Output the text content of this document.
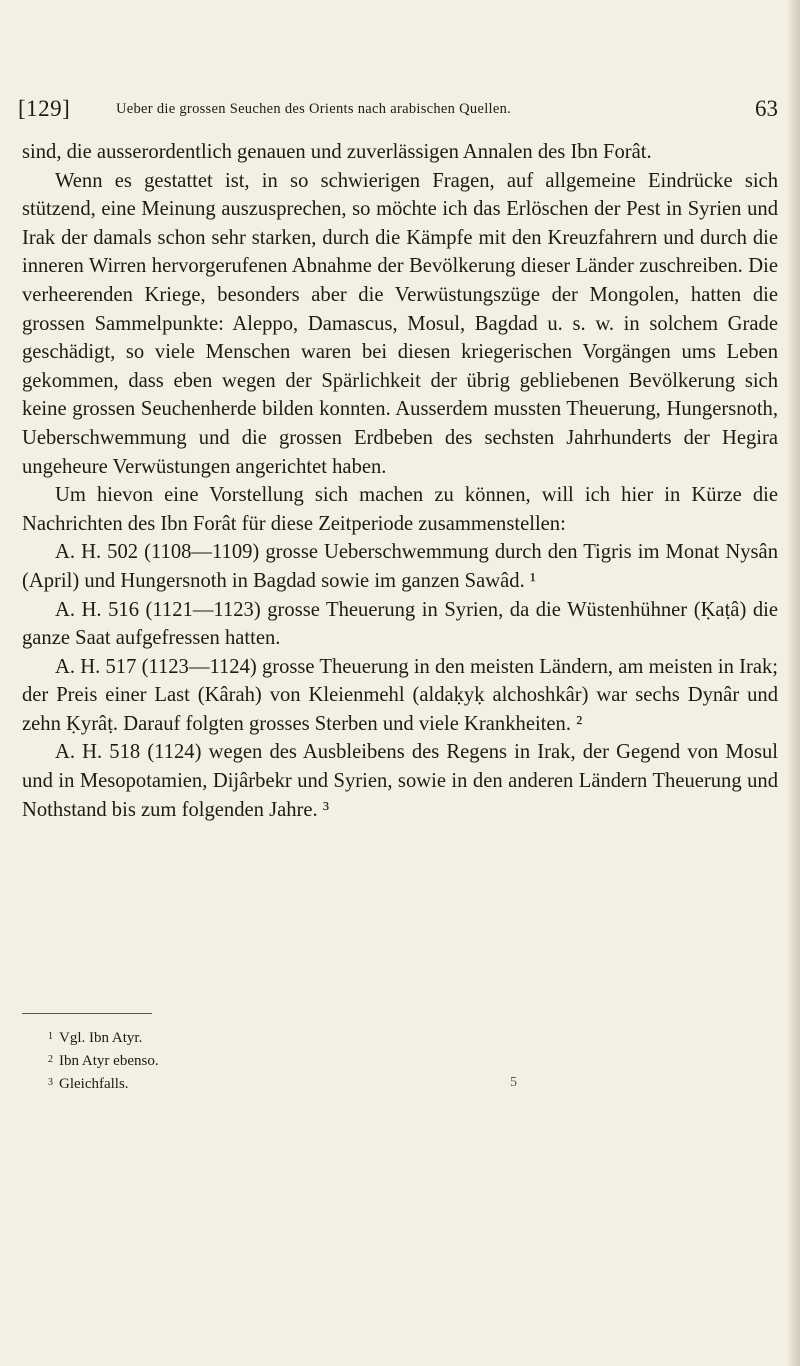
[129]	Ueber die grossen Seuchen des Orients nach arabischen Quellen.	63

sind, die ausserordentlich genauen und zuverlässigen Annalen des Ibn Forât.

Wenn es gestattet ist, in so schwierigen Fragen, auf allgemeine Eindrücke sich stützend, eine Meinung auszusprechen, so möchte ich das Erlöschen der Pest in Syrien und Irak der damals schon sehr starken, durch die Kämpfe mit den Kreuzfahrern und durch die inneren Wirren hervorgerufenen Abnahme der Bevölkerung dieser Länder zuschreiben. Die verheerenden Kriege, besonders aber die Verwüstungszüge der Mongolen, hatten die grossen Sammelpunkte: Aleppo, Damascus, Mosul, Bagdad u. s. w. in solchem Grade geschädigt, so viele Menschen waren bei diesen kriegerischen Vorgängen ums Leben gekommen, dass eben wegen der Spärlichkeit der übrig gebliebenen Bevölkerung sich keine grossen Seuchenherde bilden konnten. Ausserdem mussten Theuerung, Hungersnoth, Ueberschwemmung und die grossen Erdbeben des sechsten Jahrhunderts der Hegira ungeheure Verwüstungen angerichtet haben.

Um hievon eine Vorstellung sich machen zu können, will ich hier in Kürze die Nachrichten des Ibn Forât für diese Zeitperiode zusammenstellen:

A. H. 502 (1108—1109) grosse Ueberschwemmung durch den Tigris im Monat Nysân (April) und Hungersnoth in Bagdad sowie im ganzen Sawâd. ¹

A. H. 516 (1121—1123) grosse Theuerung in Syrien, da die Wüstenhühner (Ḳaṭâ) die ganze Saat aufgefressen hatten.

A. H. 517 (1123—1124) grosse Theuerung in den meisten Ländern, am meisten in Irak; der Preis einer Last (Kârah) von Kleienmehl (aldaḳyḳ alchoshkâr) war sechs Dynâr und zehn Ḳyrâṭ. Darauf folgten grosses Sterben und viele Krankheiten. ²

A. H. 518 (1124) wegen des Ausbleibens des Regens in Irak, der Gegend von Mosul und in Mesopotamien, Dijârbekr und Syrien, sowie in den anderen Ländern Theuerung und Nothstand bis zum folgenden Jahre. ³

$^1$ Vgl. Ibn Atyr.
$^2$ Ibn Atyr ebenso.
$^3$ Gleichfalls.	5
